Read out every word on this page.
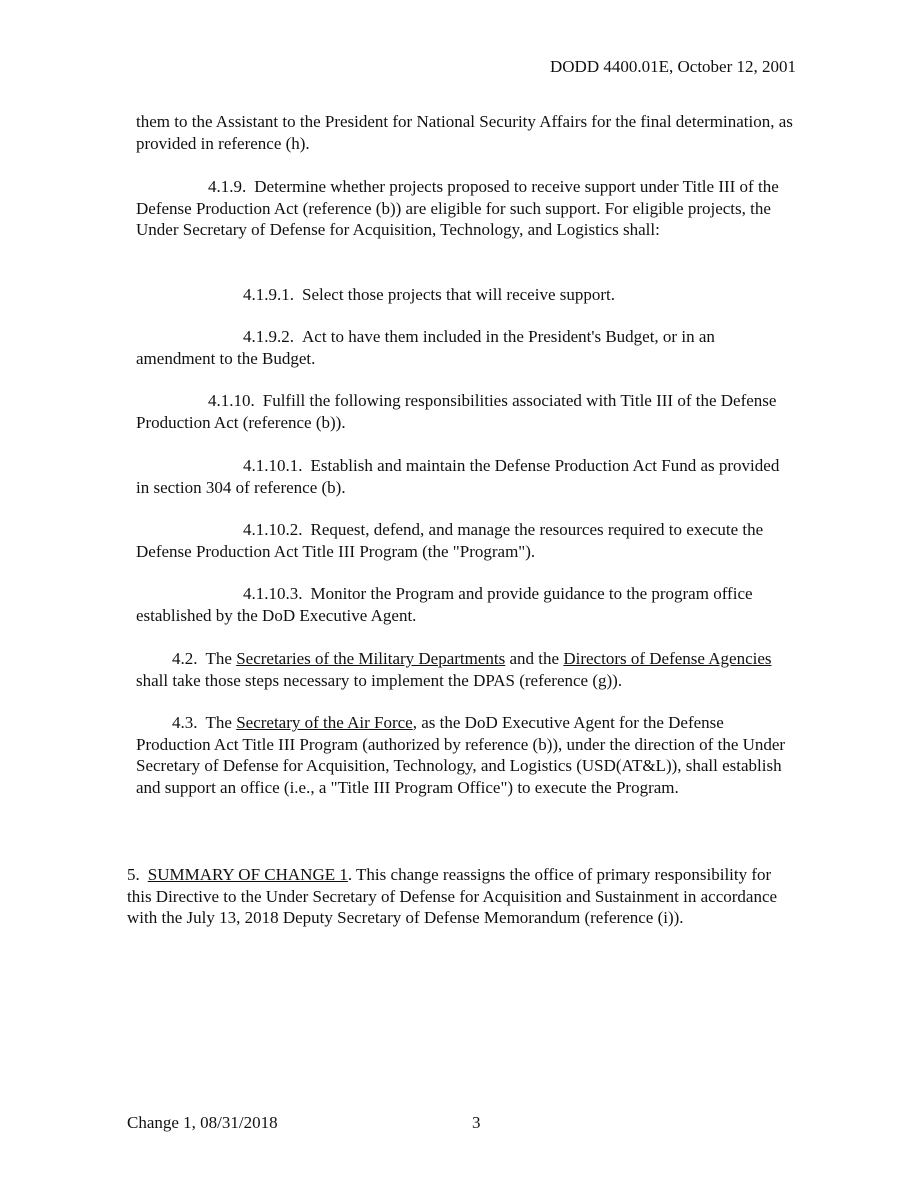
DODD 4400.01E, October 12, 2001

them to the Assistant to the President for National Security Affairs for the final determination, as provided in reference (h).

4.1.9. Determine whether projects proposed to receive support under Title III of the Defense Production Act (reference (b)) are eligible for such support. For eligible projects, the Under Secretary of Defense for Acquisition, Technology, and Logistics shall:

4.1.9.1. Select those projects that will receive support.

4.1.9.2. Act to have them included in the President's Budget, or in an amendment to the Budget.

4.1.10. Fulfill the following responsibilities associated with Title III of the Defense Production Act (reference (b)).

4.1.10.1. Establish and maintain the Defense Production Act Fund as provided in section 304 of reference (b).

4.1.10.2. Request, defend, and manage the resources required to execute the Defense Production Act Title III Program (the "Program").

4.1.10.3. Monitor the Program and provide guidance to the program office established by the DoD Executive Agent.

4.2. The Secretaries of the Military Departments and the Directors of Defense Agencies shall take those steps necessary to implement the DPAS (reference (g)).

4.3. The Secretary of the Air Force, as the DoD Executive Agent for the Defense Production Act Title III Program (authorized by reference (b)), under the direction of the Under Secretary of Defense for Acquisition, Technology, and Logistics (USD(AT&L)), shall establish and support an office (i.e., a "Title III Program Office") to execute the Program.

5. SUMMARY OF CHANGE 1. This change reassigns the office of primary responsibility for this Directive to the Under Secretary of Defense for Acquisition and Sustainment in accordance with the July 13, 2018 Deputy Secretary of Defense Memorandum (reference (i)).

Change 1, 08/31/2018	3
